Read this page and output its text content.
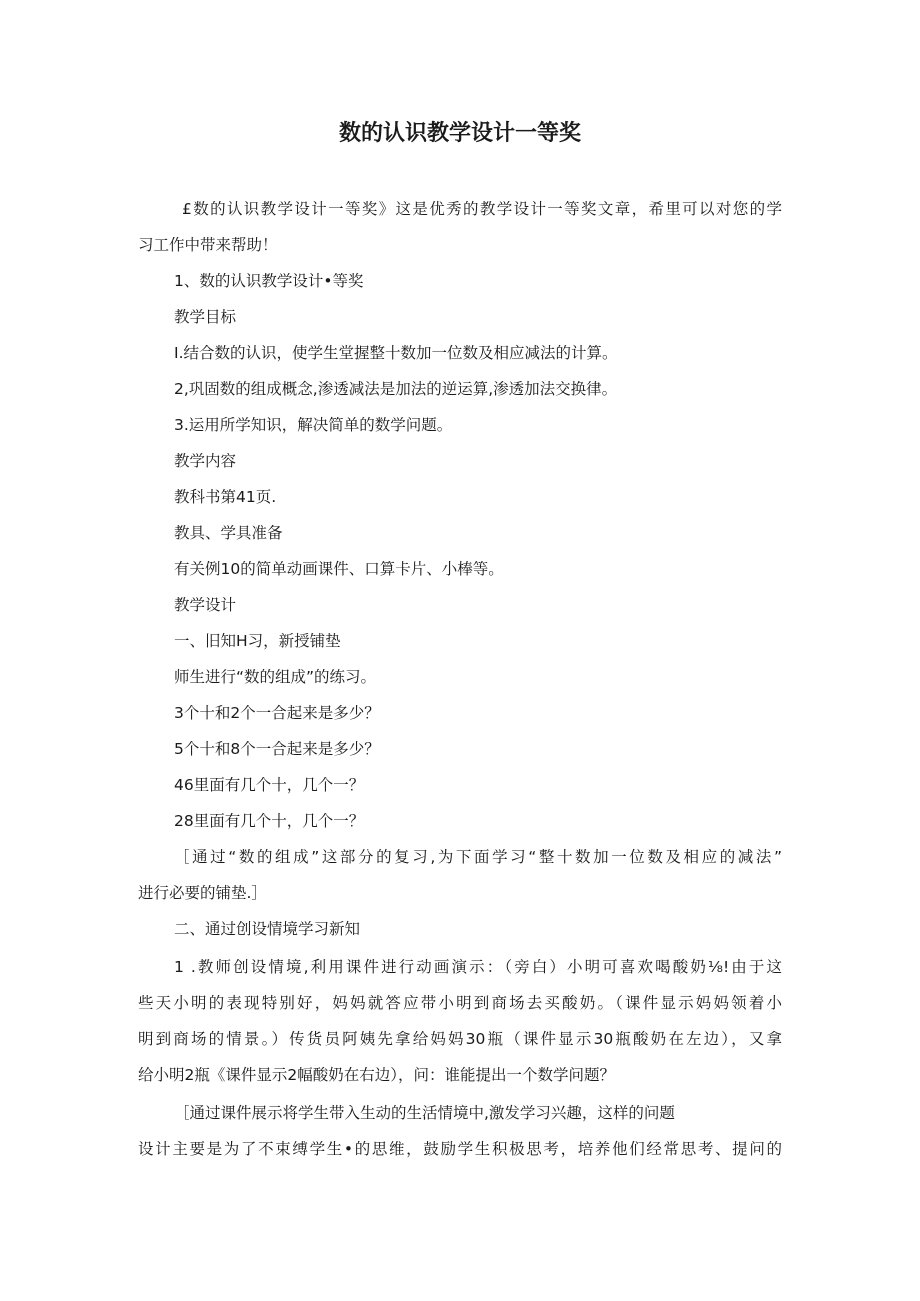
数的认识教学设计一等奖
£数的认识教学设计一等奖》这是优秀的教学设计一等奖文章，希里可以对您的学
习工作中带来帮助！
1、数的认识教学设计•等奖
教学目标
I.结合数的认识，使学生堂握整十数加一位数及相应减法的计算。
2,巩固数的组成概念,渗透减法是加法的逆运算,渗透加法交换律。
3.运用所学知识，解决简单的数学问题。
教学内容
教科书第41页.
教具、学具准备
有关例10的简单动画课件、口算卡片、小棒等。
教学设计
一、旧知H习，新授铺垫
师生进行“数的组成”的练习。
3个十和2个一合起来是多少？
5个十和8个一合起来是多少？
46里面有几个十，几个一？
28里面有几个十，几个一？
［通过“数的组成”这部分的复习,为下面学习“整十数加一位数及相应的减法”
进行必要的铺垫.］
二、通过创设情境学习新知
1 .教师创设情境,利用课件进行动画演示：（旁白）小明可喜欢喝酸奶⅛!由于这
些天小明的表现特别好，妈妈就答应带小明到商场去买酸奶。（课件显示妈妈领着小
明到商场的情景。）传货员阿姨先拿给妈妈30瓶（课件显示30瓶酸奶在左边），又拿
给小明2瓶《课件显示2幅酸奶在右边），问：谁能提出一个数学问题？
［通过课件展示将学生带入生动的生活情境中,激发学习兴趣，这样的问题
设计主要是为了不束缚学生•的思维，鼓励学生积极思考，培养他们经常思考、提问的
